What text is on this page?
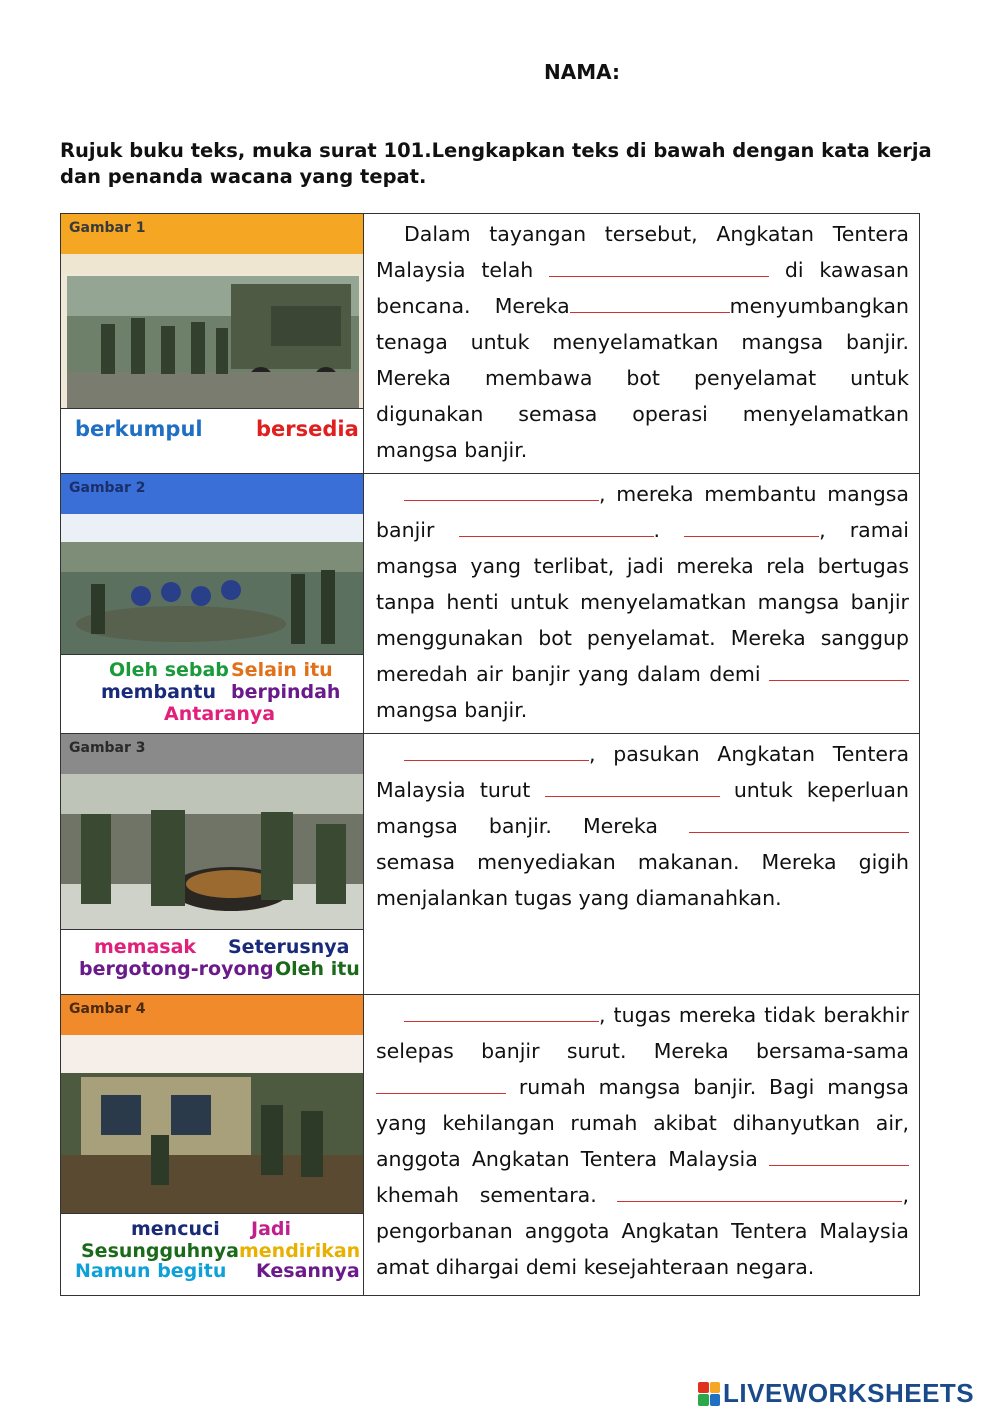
NAMA:
Rujuk buku teks, muka surat 101.Lengkapkan teks di bawah dengan kata kerja dan penanda wacana yang tepat.
Gambar 1
berkumpul	bersedia

Dalam tayangan tersebut, Angkatan Tentera Malaysia telah	di kawasan bencana. Mereka	menyumbangkan tenaga untuk menyelamatkan mangsa banjir. Mereka membawa bot penyelamat untuk digunakan semasa operasi menyelamatkan mangsa banjir.

Gambar 2
Oleh sebab Selain itu
membantu berpindah
Antaranya

, mereka membantu mangsa banjir	.	, ramai mangsa yang terlibat, jadi mereka rela bertugas tanpa henti untuk menyelamatkan mangsa banjir menggunakan bot penyelamat. Mereka sanggup meredah air banjir yang dalam demi  mangsa banjir.

Gambar 3
memasak Seterusnya
bergotong-royong Oleh itu

, pasukan Angkatan Tentera Malaysia turut	untuk keperluan mangsa banjir. Mereka  semasa menyediakan makanan. Mereka gigih menjalankan tugas yang diamanahkan.

Gambar 4
mencuci Jadi
Sesungguhnya mendirikan
Namun begitu Kesannya

, tugas mereka tidak berakhir selepas banjir surut. Mereka bersama-sama  rumah mangsa banjir. Bagi mangsa yang kehilangan rumah akibat dihanyutkan air, anggota Angkatan Tentera Malaysia  khemah sementara.	, pengorbanan anggota Angkatan Tentera Malaysia amat dihargai demi kesejahteraan negara.

LIVEWORKSHEETS
